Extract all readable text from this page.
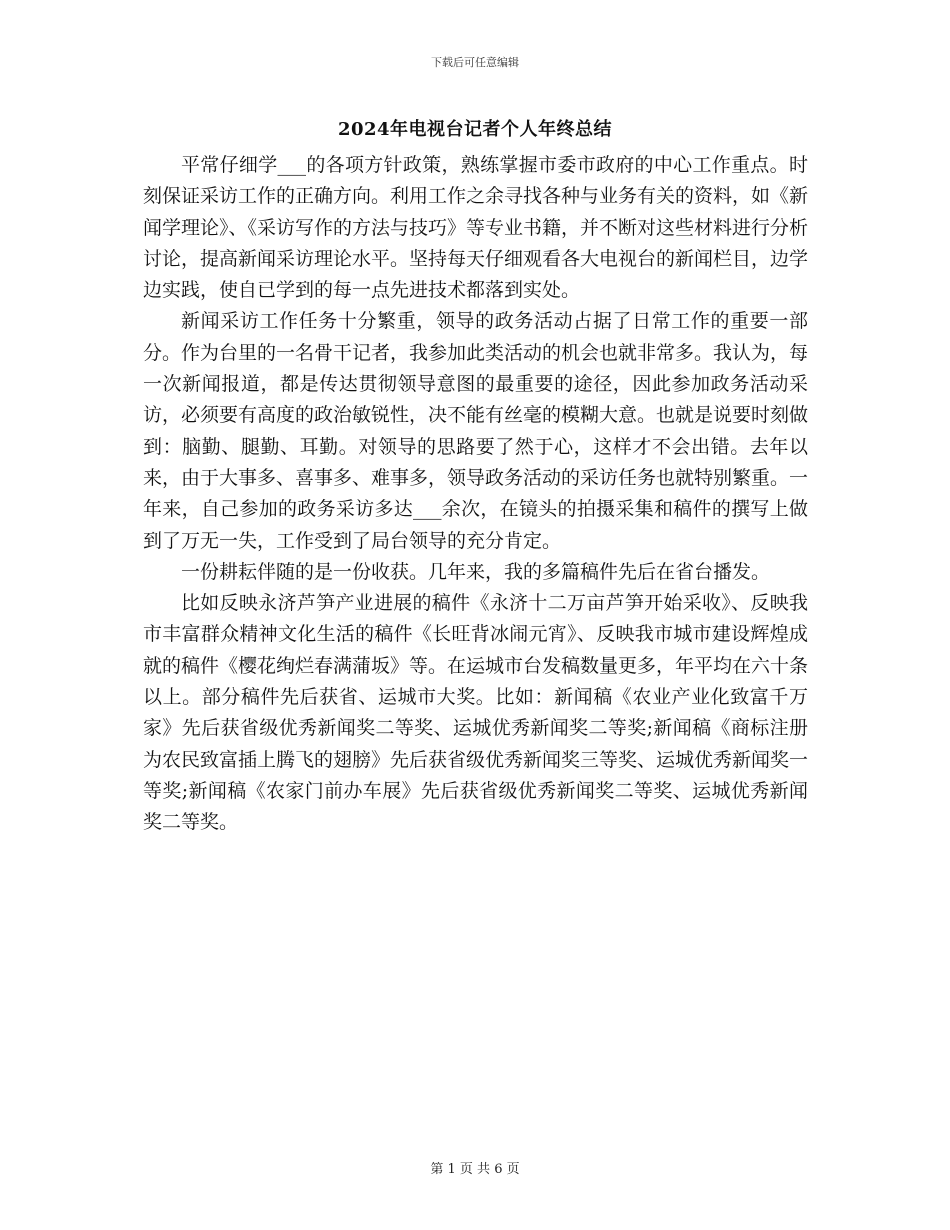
下载后可任意编辑
2024年电视台记者个人年终总结

平常仔细学___的各项方针政策，熟练掌握市委市政府的中心工作重点。时刻保证采访工作的正确方向。利用工作之余寻找各种与业务有关的资料，如《新闻学理论》、《采访写作的方法与技巧》等专业书籍，并不断对这些材料进行分析讨论，提高新闻采访理论水平。坚持每天仔细观看各大电视台的新闻栏目，边学边实践，使自已学到的每一点先进技术都落到实处。

新闻采访工作任务十分繁重，领导的政务活动占据了日常工作的重要一部分。作为台里的一名骨干记者，我参加此类活动的机会也就非常多。我认为，每一次新闻报道，都是传达贯彻领导意图的最重要的途径，因此参加政务活动采访，必须要有高度的政治敏锐性，决不能有丝毫的模糊大意。也就是说要时刻做到：脑勤、腿勤、耳勤。对领导的思路要了然于心，这样才不会出错。去年以来，由于大事多、喜事多、难事多，领导政务活动的采访任务也就特别繁重。一年来，自己参加的政务采访多达___余次，在镜头的拍摄采集和稿件的撰写上做到了万无一失，工作受到了局台领导的充分肯定。

一份耕耘伴随的是一份收获。几年来，我的多篇稿件先后在省台播发。

比如反映永济芦笋产业进展的稿件《永济十二万亩芦笋开始采收》、反映我市丰富群众精神文化生活的稿件《长旺背冰闹元宵》、反映我市城市建设辉煌成就的稿件《樱花绚烂春满蒲坂》等。在运城市台发稿数量更多，年平均在六十条以上。部分稿件先后获省、运城市大奖。比如：新闻稿《农业产业化致富千万家》先后获省级优秀新闻奖二等奖、运城优秀新闻奖二等奖;新闻稿《商标注册为农民致富插上腾飞的翅膀》先后获省级优秀新闻奖三等奖、运城优秀新闻奖一等奖;新闻稿《农家门前办车展》先后获省级优秀新闻奖二等奖、运城优秀新闻奖二等奖。

第 1 页 共 6 页
